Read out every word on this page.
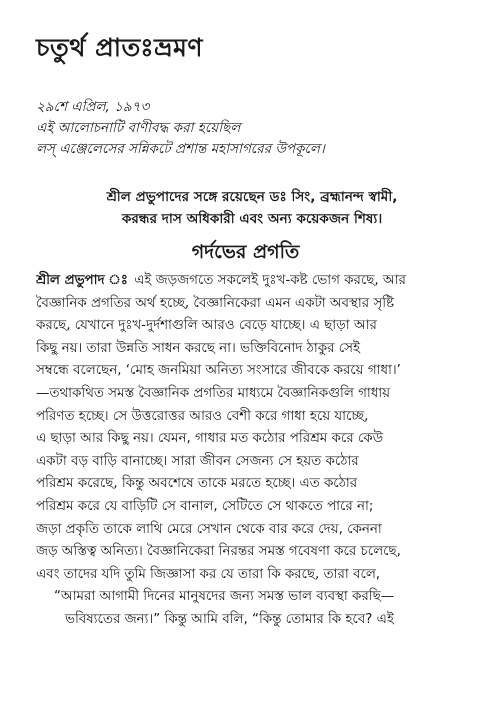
চতুর্থ প্রাতঃভ্রমণ
২৯শে এপ্রিল, ১৯৭৩
এই আলোচনাটি বাণীবদ্ধ করা হয়েছিল
লস্ এঞ্জেলেসের সন্নিকটে প্রশান্ত মহাসাগরের উপকূলে।
শ্রীল প্রভুপাদের সঙ্গে রয়েছেন ডঃ সিং, ব্রহ্মানন্দ স্বামী,
করন্ধর দাস অধিকারী এবং অন্য কয়েকজন শিষ্য।
গর্দভের প্রগতি
শ্রীল প্রভুপাদ ঃ এই জড়জগতে সকলেই দুঃখ-কষ্ট ভোগ করছে, আর
বৈজ্ঞানিক প্রগতির অর্থ হচ্ছে, বৈজ্ঞানিকেরা এমন একটা অবস্থার সৃষ্টি
করছে, যেখানে দুঃখ-দুর্দশাগুলি আরও বেড়ে যাচ্ছে। এ ছাড়া আর
কিছু নয়। তারা উন্নতি সাধন করছে না। ভক্তিবিনোদ ঠাকুর সেই
সম্বন্ধে বলেছেন, ‘মোহ জনমিয়া অনিত্য সংসারে জীবকে করয়ে গাধা।’
—তথাকথিত সমস্ত বৈজ্ঞানিক প্রগতির মাধ্যমে বৈজ্ঞানিকগুলি গাধায়
পরিণত হচ্ছে। সে উত্তরোত্তর আরও বেশী করে গাধা হয়ে যাচ্ছে,
এ ছাড়া আর কিছু নয়। যেমন, গাধার মত কঠোর পরিশ্রম করে কেউ
একটা বড় বাড়ি বানাচ্ছে। সারা জীবন সেজন্য সে হয়ত কঠোর
পরিশ্রম করেছে, কিন্তু অবশেষে তাকে মরতে হচ্ছে। এত কঠোর
পরিশ্রম করে যে বাড়িটি সে বানাল, সেটিতে সে থাকতে পারে না;
জড়া প্রকৃতি তাকে লাথি মেরে সেখান থেকে বার করে দেয়, কেননা
জড় অস্তিত্ব অনিত্য। বৈজ্ঞানিকেরা নিরন্তর সমস্ত গবেষণা করে চলেছে,
এবং তাদের যদি তুমি জিজ্ঞাসা কর যে তারা কি করছে, তারা বলে,
“আমরা আগামী দিনের মানুষদের জন্য সমস্ত ভাল ব্যবস্থা করছি—
ভবিষ্যতের জন্য।” কিন্তু আমি বলি, “কিন্তু তোমার কি হবে? এই
